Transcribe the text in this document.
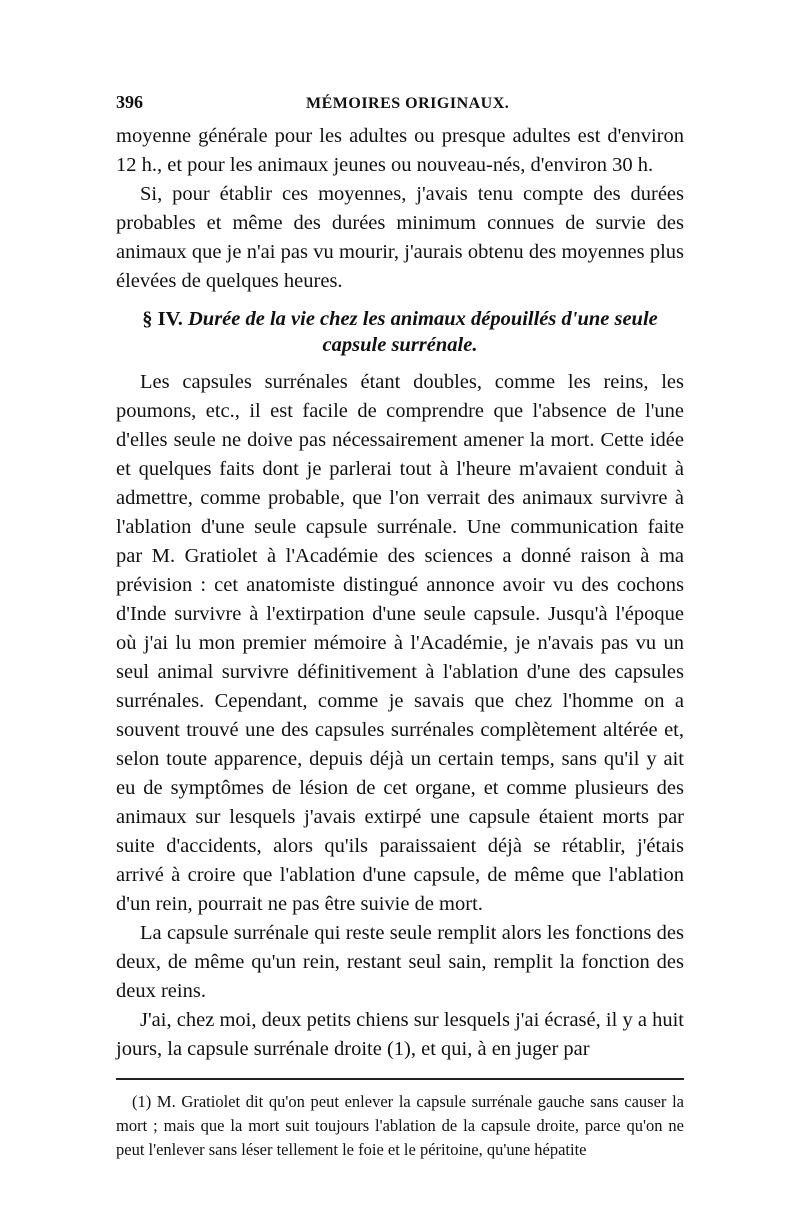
396	MÉMOIRES ORIGINAUX.

moyenne générale pour les adultes ou presque adultes est d'environ 12 h., et pour les animaux jeunes ou nouveau-nés, d'environ 30 h.

Si, pour établir ces moyennes, j'avais tenu compte des durées probables et même des durées minimum connues de survie des animaux que je n'ai pas vu mourir, j'aurais obtenu des moyennes plus élevées de quelques heures.

§ IV. Durée de la vie chez les animaux dépouillés d'une seule capsule surrénale.

Les capsules surrénales étant doubles, comme les reins, les poumons, etc., il est facile de comprendre que l'absence de l'une d'elles seule ne doive pas nécessairement amener la mort. Cette idée et quelques faits dont je parlerai tout à l'heure m'avaient conduit à admettre, comme probable, que l'on verrait des animaux survivre à l'ablation d'une seule capsule surrénale. Une communication faite par M. Gratiolet à l'Académie des sciences a donné raison à ma prévision : cet anatomiste distingué annonce avoir vu des cochons d'Inde survivre à l'extirpation d'une seule capsule. Jusqu'à l'époque où j'ai lu mon premier mémoire à l'Académie, je n'avais pas vu un seul animal survivre définitivement à l'ablation d'une des capsules surrénales. Cependant, comme je savais que chez l'homme on a souvent trouvé une des capsules surrénales complètement altérée et, selon toute apparence, depuis déjà un certain temps, sans qu'il y ait eu de symptômes de lésion de cet organe, et comme plusieurs des animaux sur lesquels j'avais extirpé une capsule étaient morts par suite d'accidents, alors qu'ils paraissaient déjà se rétablir, j'étais arrivé à croire que l'ablation d'une capsule, de même que l'ablation d'un rein, pourrait ne pas être suivie de mort.

La capsule surrénale qui reste seule remplit alors les fonctions des deux, de même qu'un rein, restant seul sain, remplit la fonction des deux reins.

J'ai, chez moi, deux petits chiens sur lesquels j'ai écrasé, il y a huit jours, la capsule surrénale droite (1), et qui, à en juger par

(1) M. Gratiolet dit qu'on peut enlever la capsule surrénale gauche sans causer la mort ; mais que la mort suit toujours l'ablation de la capsule droite, parce qu'on ne peut l'enlever sans léser tellement le foie et le péritoine, qu'une hépatite
